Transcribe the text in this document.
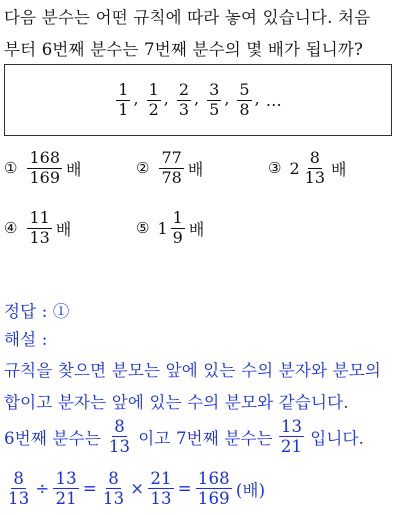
다음 분수는 어떤 규칙에 따라 놓여 있습니다. 처음
부터 6번째 분수는 7번째 분수의 몇 배가 됩니까?
$\frac{1}{1}$ , $\frac{1}{2}$ , $\frac{2}{3}$ , $\frac{3}{5}$ , $\frac{5}{8}$ , …
① $\frac{168}{169}$ 배	② $\frac{77}{78}$ 배	③ $2 \frac{8}{13}$ 배
④ $\frac{11}{13}$ 배	⑤ $1 \frac{1}{9}$ 배
정답 : ①
해설 :
규칙을 찾으면 분모는 앞에 있는 수의 분자와 분모의
합이고 분자는 앞에 있는 수의 분모와 같습니다.
6번째 분수는 $\frac{8}{13}$ 이고 7번째 분수는 $\frac{13}{21}$ 입니다.
$\frac{8}{13} \div \frac{13}{21} = \frac{8}{13} \times \frac{21}{13} = \frac{168}{169}$ (배)
